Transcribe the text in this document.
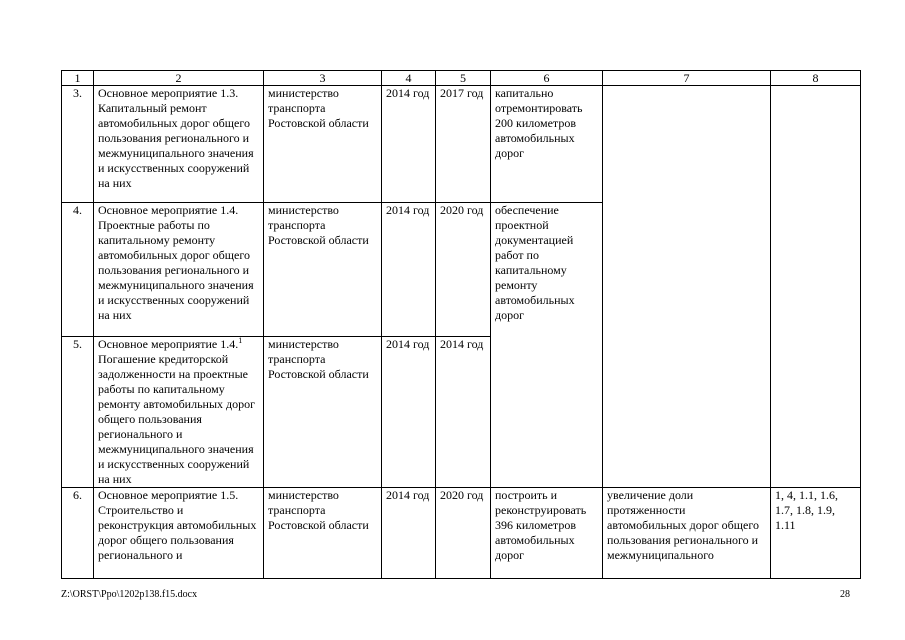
1	2	3	4	5	6	7	8
3.	Основное мероприятие 1.3.
Капитальный ремонт автомобильных дорог общего пользования регионального и межмуниципального значения и искусственных сооружений на них	министерство транспорта Ростовской области	2014 год	2017 год	капитально отремонтировать 200 километров автомобильных дорог		
4.	Основное мероприятие 1.4.
Проектные работы по капитальному ремонту автомобильных дорог общего пользования регионального и межмуниципального значения и искусственных сооружений на них	министерство транспорта Ростовской области	2014 год	2020 год	обеспечение проектной документацией работ по капитальному ремонту автомобильных дорог		
5.	Основное мероприятие 1.4.$^1$
Погашение кредиторской задолженности на проектные работы по капитальному ремонту автомобильных дорог общего пользования регионального и межмуниципального значения и искусственных сооружений на них	министерство транспорта Ростовской области	2014 год	2014 год			
6.	Основное мероприятие 1.5.
Строительство и реконструкция автомобильных дорог общего пользования регионального и	министерство транспорта Ростовской области	2014 год	2020 год	построить и реконструировать 396 километров автомобильных дорог	увеличение доли протяженности автомобильных дорог общего пользования регионального и межмуниципального	1, 4, 1.1, 1.6, 1.7, 1.8, 1.9, 1.11
Z:\ORST\Ppo\1202p138.f15.docx	28
